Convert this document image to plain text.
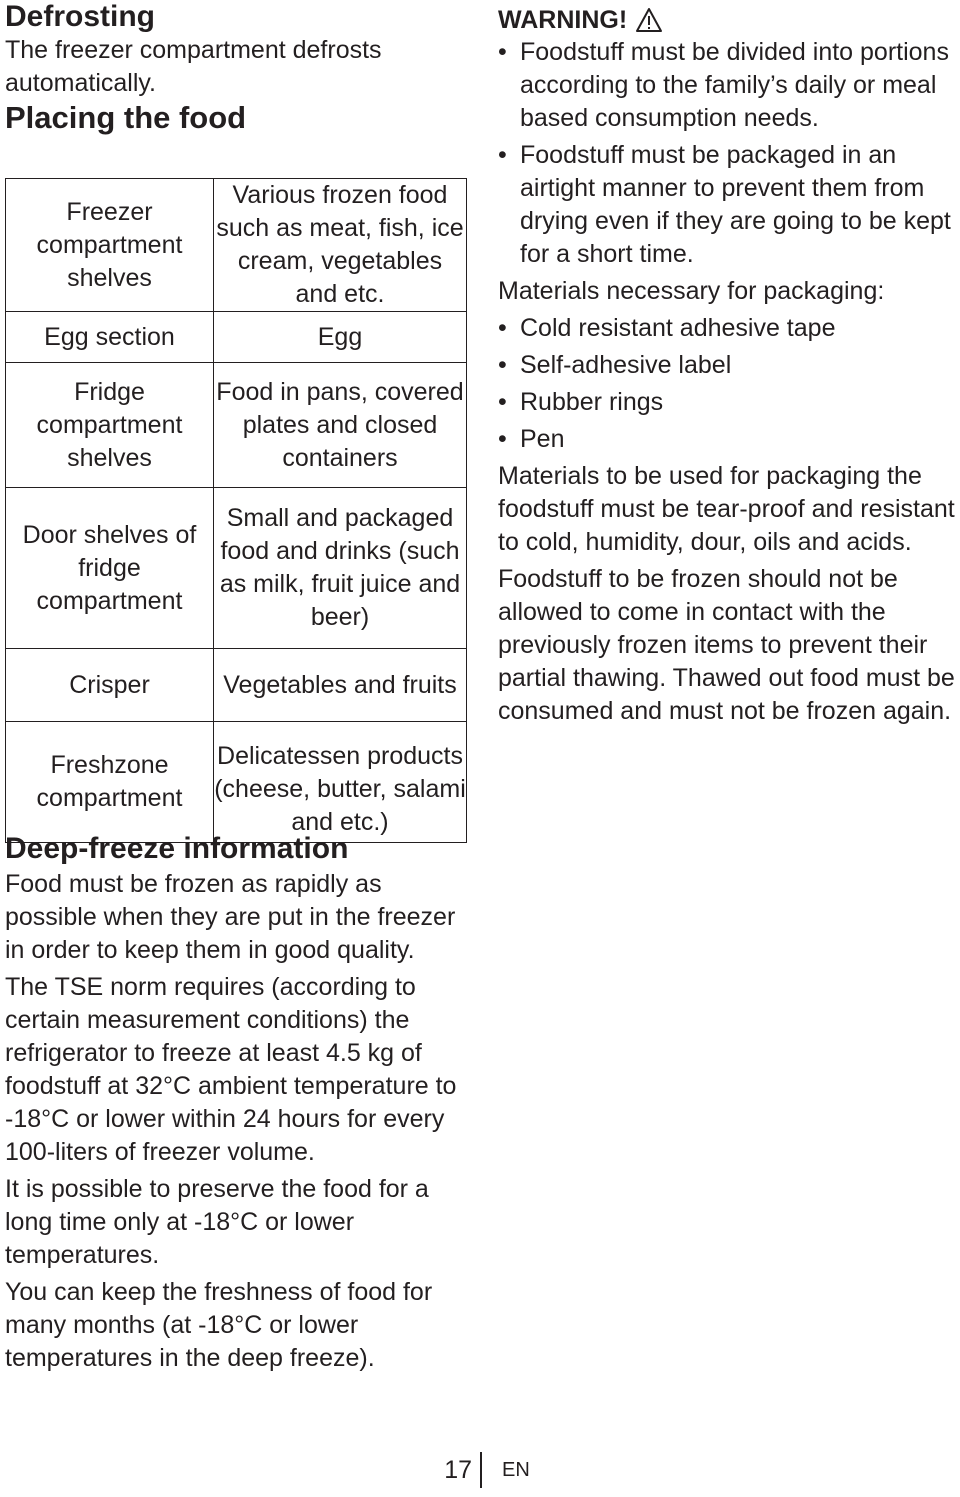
Defrosting
The freezer compartment defrosts automatically.
Placing the food
Freezer compartment shelves	Various frozen food such as meat, fish, ice cream, vegetables and etc.
Egg section	Egg
Fridge compartment shelves	Food in pans, covered plates and closed containers
Door shelves of fridge compartment	Small and packaged food and drinks (such as milk, fruit juice and beer)
Crisper	Vegetables and fruits
Freshzone compartment	Delicatessen products (cheese, butter, salami and etc.)
Deep-freeze information

Food must be frozen as rapidly as possible when they are put in the freezer in order to keep them in good quality.

The TSE norm requires (according to certain measurement conditions) the refrigerator to freeze at least 4.5 kg of foodstuff at 32°C ambient temperature to -18°C or lower within 24 hours for every 100-liters of freezer volume.

It is possible to preserve the food for a long time only at -18°C or lower temperatures.

You can keep the freshness of food for many months (at -18°C or lower temperatures in the deep freeze).

WARNING!

• Foodstuff must be divided into portions according to the family’s daily or meal based consumption needs.

• Foodstuff must be packaged in an airtight manner to prevent them from drying even if they are going to be kept for a short time.

Materials necessary for packaging:

• Cold resistant adhesive tape
• Self-adhesive label
• Rubber rings
• Pen

Materials to be used for packaging the foodstuff must be tear-proof and resistant to cold, humidity, dour, oils and acids.

Foodstuff to be frozen should not be allowed to come in contact with the previously frozen items to prevent their partial thawing. Thawed out food must be consumed and must not be frozen again.

17 EN
